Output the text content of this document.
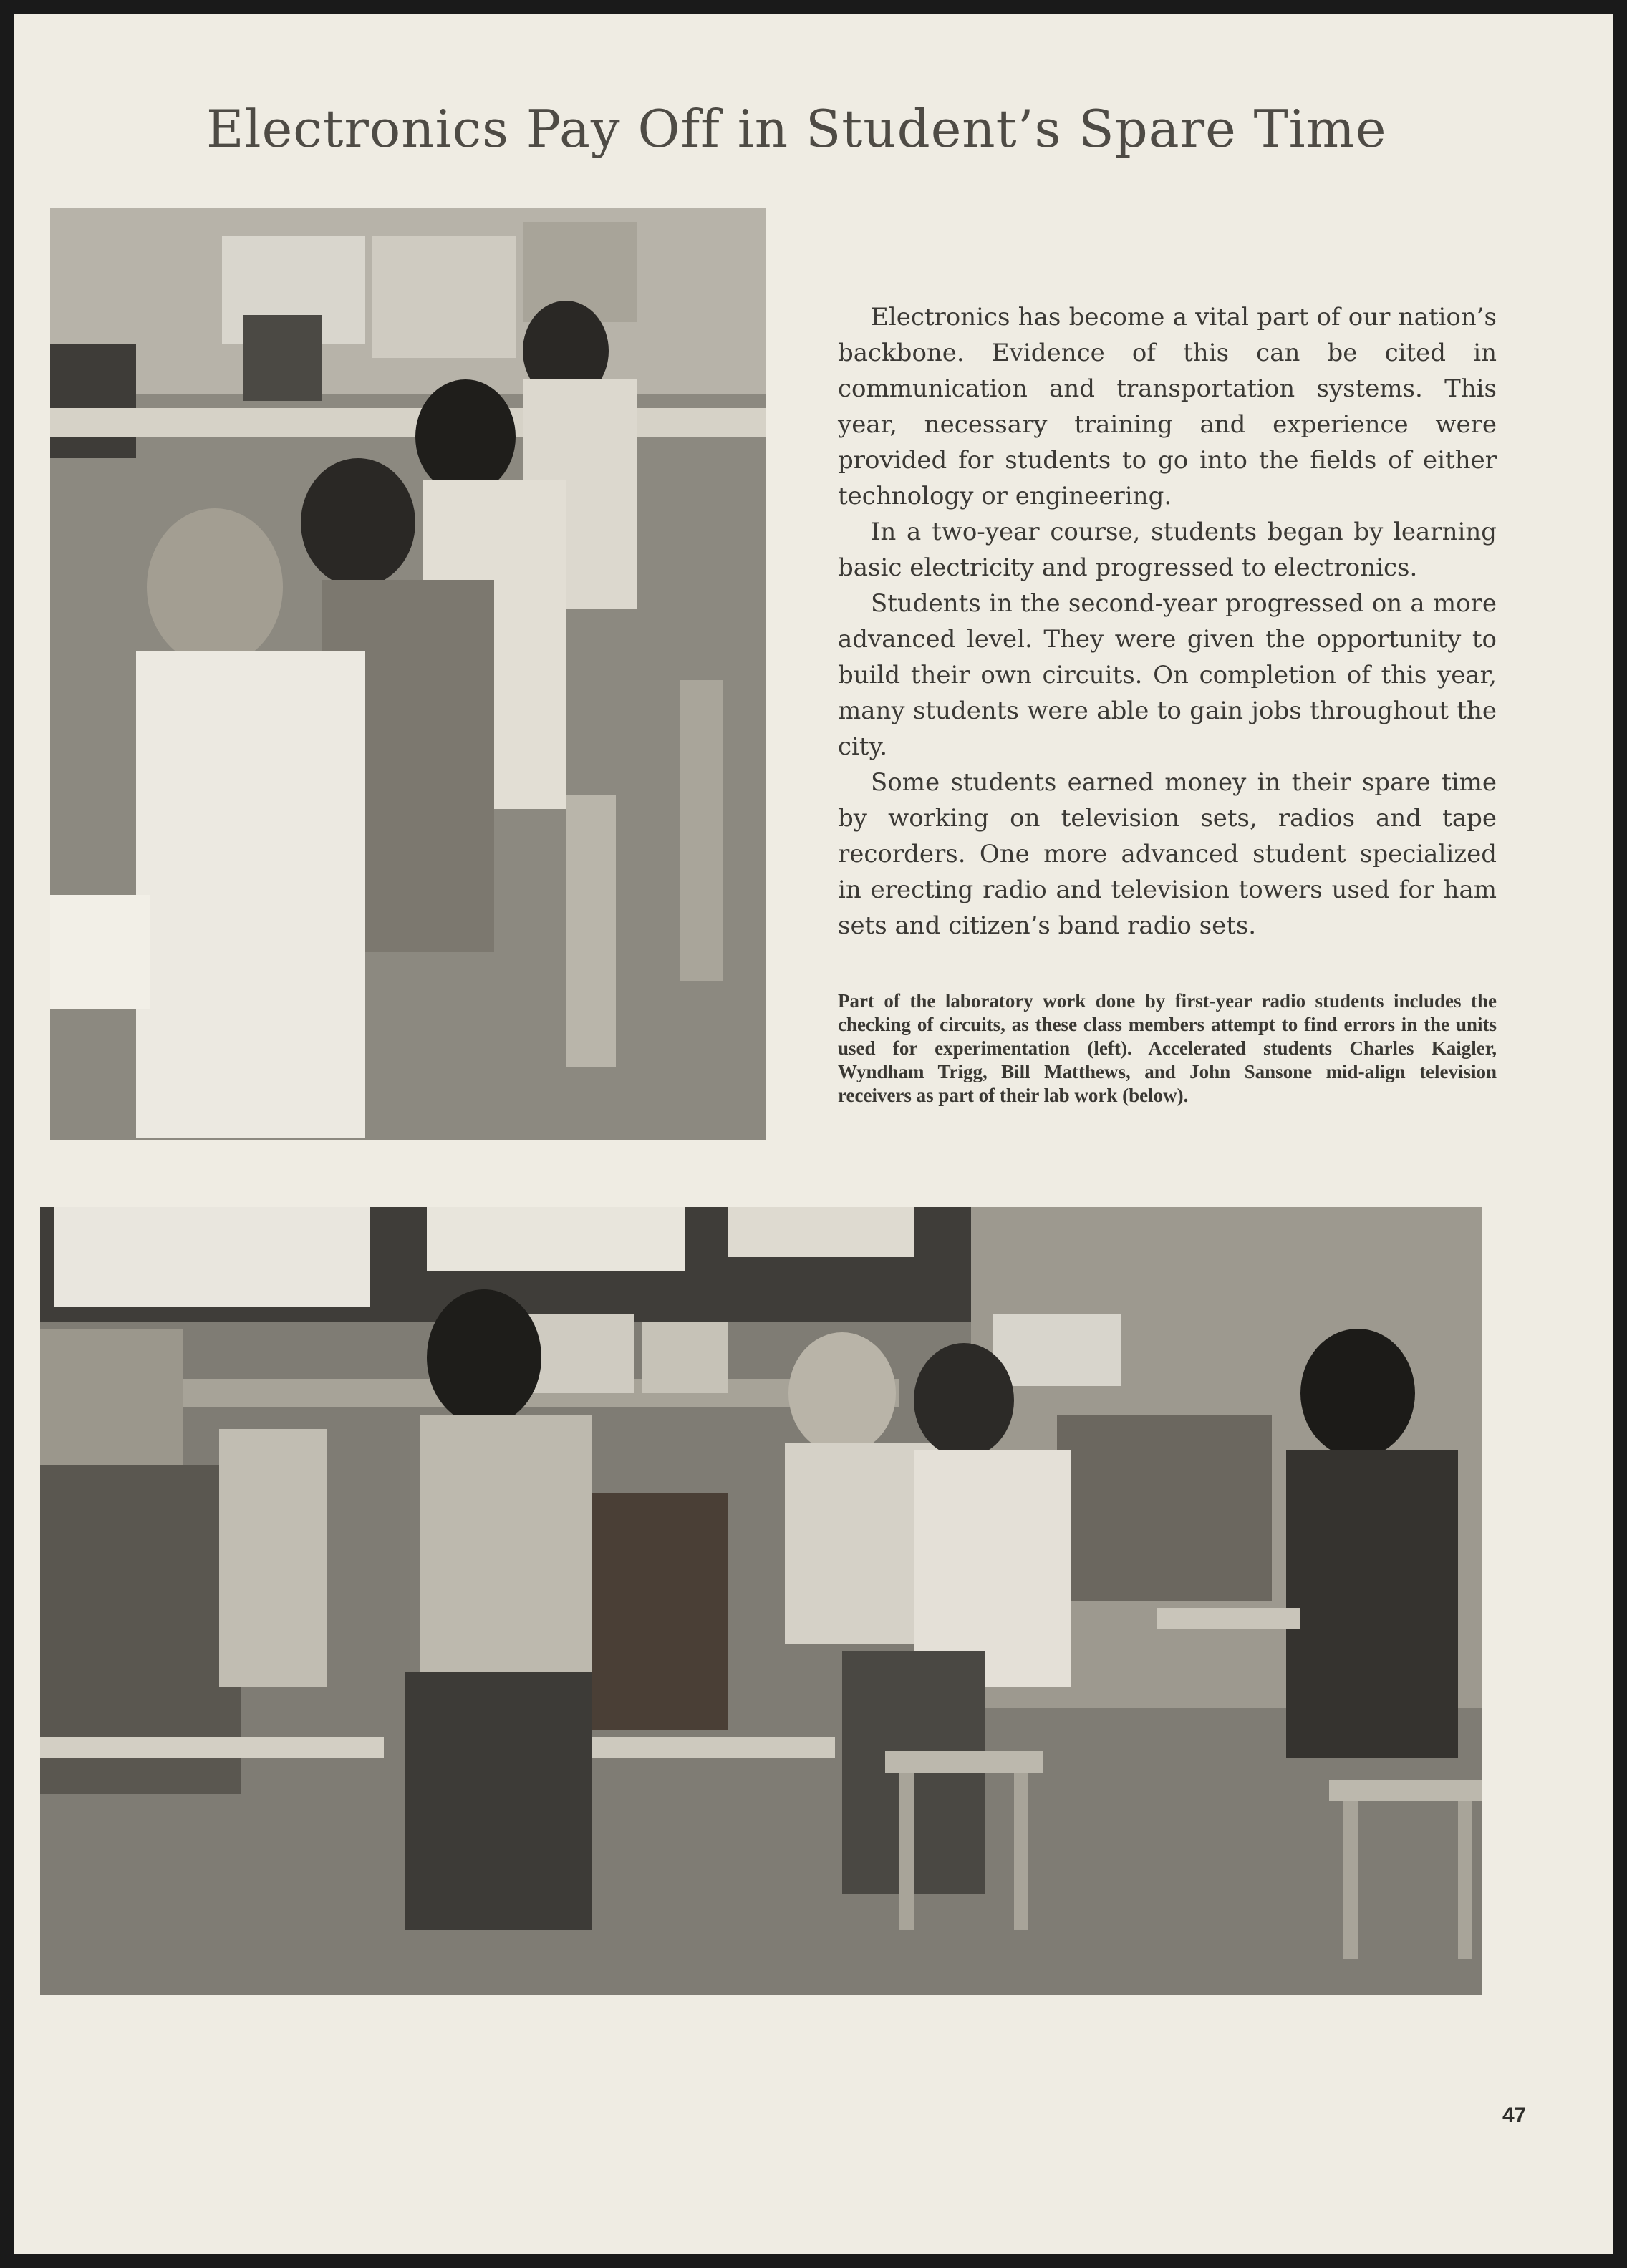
Electronics Pay Off in Student’s Spare Time

Electronics has become a vital part of our nation’s backbone. Evidence of this can be cited in communication and transportation systems. This year, necessary training and experience were provided for students to go into the fields of either technology or engineering.

In a two-year course, students began by learning basic electricity and progressed to electronics.

Students in the second-year progressed on a more advanced level. They were given the opportunity to build their own circuits. On completion of this year, many students were able to gain jobs throughout the city.

Some students earned money in their spare time by working on television sets, radios and tape recorders. One more advanced student specialized in erecting radio and television towers used for ham sets and citizen’s band radio sets.

Part of the laboratory work done by first-year radio students includes the checking of circuits, as these class members attempt to find errors in the units used for experimentation (left). Accelerated students Charles Kaigler, Wyndham Trigg, Bill Matthews, and John Sansone mid-align television receivers as part of their lab work (below).

47
